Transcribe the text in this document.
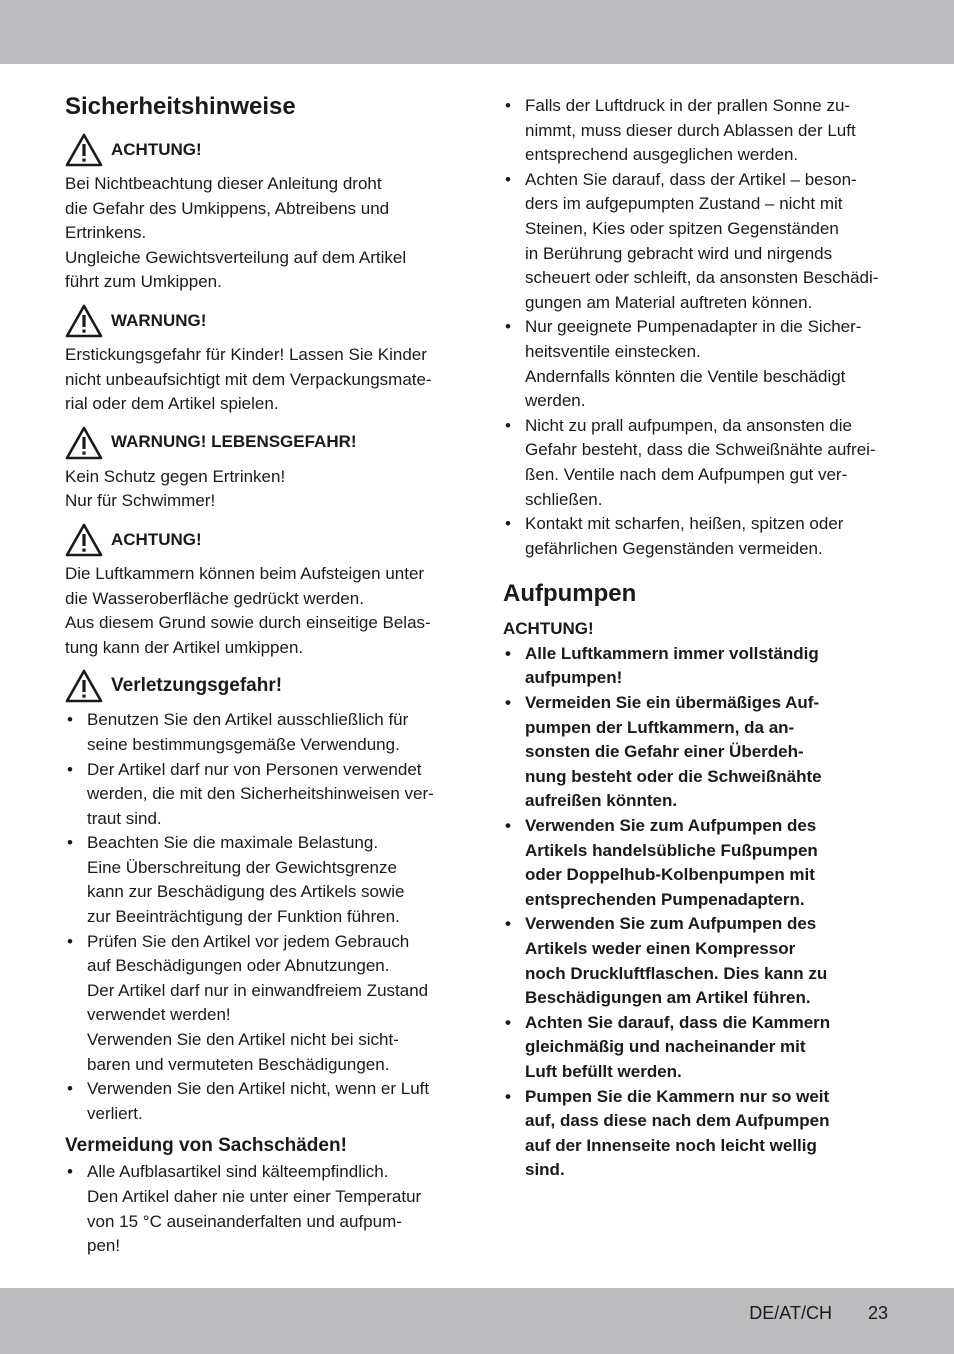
Sicherheitshinweise
ACHTUNG!

Bei Nichtbeachtung dieser Anleitung droht

die Gefahr des Umkippens, Abtreibens und

Ertrinkens.

Ungleiche Gewichtsverteilung auf dem Artikel

führt zum Umkippen.

WARNUNG!

Erstickungsgefahr für Kinder! Lassen Sie Kinder

nicht unbeaufsichtigt mit dem Verpackungsmate-

rial oder dem Artikel spielen.

WARNUNG! LEBENSGEFAHR!

Kein Schutz gegen Ertrinken!

Nur für Schwimmer!

ACHTUNG!

Die Luftkammern können beim Aufsteigen unter

die Wasseroberfläche gedrückt werden.

Aus diesem Grund sowie durch einseitige Belas-

tung kann der Artikel umkippen.

Verletzungsgefahr!

• Benutzen Sie den Artikel ausschließlich für

seine bestimmungsgemäße Verwendung.

• Der Artikel darf nur von Personen verwendet

werden, die mit den Sicherheitshinweisen ver-

traut sind.

• Beachten Sie die maximale Belastung.

Eine Überschreitung der Gewichtsgrenze

kann zur Beschädigung des Artikels sowie

zur Beeinträchtigung der Funktion führen.

• Prüfen Sie den Artikel vor jedem Gebrauch

auf Beschädigungen oder Abnutzungen.

Der Artikel darf nur in einwandfreiem Zustand

verwendet werden!

Verwenden Sie den Artikel nicht bei sicht-

baren und vermuteten Beschädigungen.

• Verwenden Sie den Artikel nicht, wenn er Luft

verliert.

Vermeidung von Sachschäden!

• Alle Aufblasartikel sind kälteempfindlich.

Den Artikel daher nie unter einer Temperatur

von 15 °C auseinanderfalten und aufpum-

pen!

• Falls der Luftdruck in der prallen Sonne zu-

nimmt, muss dieser durch Ablassen der Luft

entsprechend ausgeglichen werden.

• Achten Sie darauf, dass der Artikel – beson-

ders im aufgepumpten Zustand – nicht mit

Steinen, Kies oder spitzen Gegenständen

in Berührung gebracht wird und nirgends

scheuert oder schleift, da ansonsten Beschädi-

gungen am Material auftreten können.

• Nur geeignete Pumpenadapter in die Sicher-

heitsventile einstecken.

Andernfalls könnten die Ventile beschädigt

werden.

• Nicht zu prall aufpumpen, da ansonsten die

Gefahr besteht, dass die Schweißnähte aufrei-

ßen. Ventile nach dem Aufpumpen gut ver-

schließen.

• Kontakt mit scharfen, heißen, spitzen oder

gefährlichen Gegenständen vermeiden.

Aufpumpen

ACHTUNG!

• Alle Luftkammern immer vollständig

aufpumpen!

• Vermeiden Sie ein übermäßiges Auf-

pumpen der Luftkammern, da an-

sonsten die Gefahr einer Überdeh-

nung besteht oder die Schweißnähte

aufreißen könnten.

• Verwenden Sie zum Aufpumpen des

Artikels handelsübliche Fußpumpen

oder Doppelhub-Kolbenpumpen mit

entsprechenden Pumpenadaptern.

• Verwenden Sie zum Aufpumpen des

Artikels weder einen Kompressor

noch Druckluftflaschen. Dies kann zu

Beschädigungen am Artikel führen.

• Achten Sie darauf, dass die Kammern

gleichmäßig und nacheinander mit

Luft befüllt werden.

• Pumpen Sie die Kammern nur so weit

auf, dass diese nach dem Aufpumpen

auf der Innenseite noch leicht wellig

sind.

DE/AT/CH 23
